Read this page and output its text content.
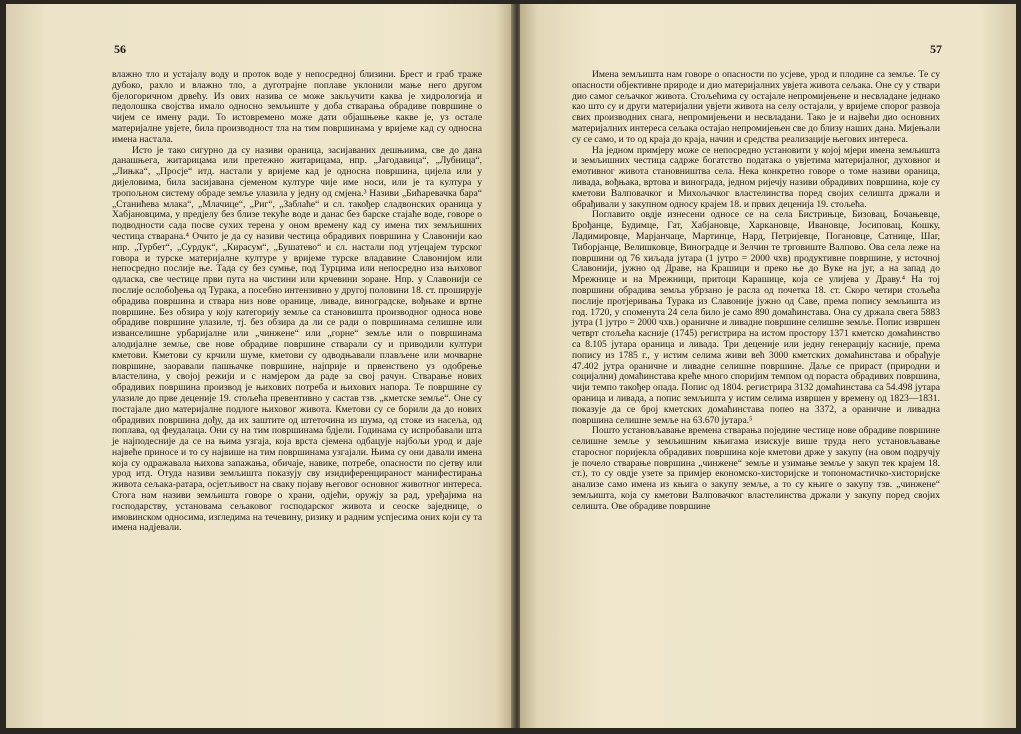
56

влажно тло и устајалу воду и проток воде у непосредној близини. Брест и граб траже дубоко, рахло и влажно тло, а дуготрајне поплаве уклонили мање него другом бјелогоричном дрвећу. Из ових назива се може закључити каква је хидрологија и педолошка својства имало односно земљиште у доба стварања обрадиве површине о чијем се имену ради. То истовремено може дати објашњење какве је, уз остале материјалне увјете, била производност тла на тим површинама у вријеме кад су односна имена настала.

Исто је тако сигурно да су називи ораница, засијаваних дешњиима, све до дана данашњега, житарицама или претежно житарицама, нпр. „Јагодавица“, „Лубница“, „Лињка“, „Просје“ итд. настали у вријеме кад је односна површина, цијела или у дијеловима, била засијавана сјеменом културе чије име носи, или је та култура у тропољном систему обраде земље улазила у једну од смјена.³ Називи „Бићаревачка бара“ „Станићева млака“, „Млачице“, „Риг“, „Заблаће“ и сл. такођер сладвонских ораница у Хабјановцима, у предјелу без близе текуће воде и данас без барске стајаће воде, говоре о подводности сада посве сухих терена у оном времену кад су имена тих земљишних честица стварана.⁴ Очито је да су називи честица обрадивих површина у Славонији као нпр. „Турбет“, „Сурдук“, „Кирасум“, „Бушатево“ и сл. настали под утјецајем турског говора и турске материјалне културе у вријеме турске владавине Славонијом или непосредно послије ње. Тада су без сумње, под Турцима или непосредно иза њиховог одласка, све честице први пута на чистини или крчевини зоране. Нпр. у Славонији се послије ослобођења од Турака, а посебно интензивно у другој половини 18. ст. проширује обрадива површина и ствара низ нове оранице, ливаде, виноградске, вођњаке и вртне површине. Без обзира у коју категорију земље са становишта производног односа нове обрадиве површине улазиле, тј. без обзира да ли се ради о површинама селишне или изванселишне урбаријалне или „чинжене“ или „горне“ земље или о површинама алодијалне земље, све нове обрадиве површине стварали су и приводили култури кметови. Кметови су крчили шуме, кметови су одводњавали плављене или мочварне површине, заоравали пашњачке површине, најприје и првенствено уз одобрење властелина, у својој режији и с намјером да раде за свој рачун. Стварање нових обрадивих површина производ је њихових потреба и њихових напора. Те површине су улазиле до прве деценије 19. стољећа превентивно у састав тзв. „кметске земље“. Оне су постајале дио материјалне подлоге њиховог живота. Кметови су се борили да до нових обрадивих површина дођу, да их заштите од штеточина из шума, од стоке из насеља, од поплава, од феудалаца. Они су на тим површинама бдјели. Годинама су испробавали шта је најподесније да се на њима узгаја, која врста сјемена одбацује најбољи урод и даје највеће приносе и то су највише на тим површинама узгајали. Њима су они давали имена која су одражавала њихова запажања, обичаје, навике, потребе, опасности по сјетву или урод итд. Отуда називи земљишта показују сву изидиференцираност манифестирања живота сељака-ратара, осјетљивост на сваку појаву његовог основног животног интереса. Стога нам називи земљишта говоре о храни, одјећи, оружју за рад, уређајима на господарству, установама сељаковог господарског живота и сеоске заједнице, о имовинском односима, изгледима на течевину, ризику и радним успјесима оних који су та имена надјевали.

57

Имена земљишта нам говоре о опасности по усјеве, урод и плодине са земље. Те су опасности објективне природе и дио материјалних увјета живота сељака. Оне су у ствари дио самог сељачког живота. Стољећима су остајале непромијењене и несвладане једнако као што су и други материјални увјети живота на селу остајали, у вријеме спорог развоја свих производних снага, непромијењени и несвладани. Тако је и највећи дио основних материјалних интереса сељака остајао непромијењен све до близу наших дана. Мијењали су се само, и то од краја до краја, начин и средства реализације његових интереса.

На једном примјеру може се непосредно установити у којој мјери имена земљишта и земљишних честица садрже богатство података о увјетима материјалног, духовног и емотивног живота становништва села. Нека конкретно говоре о томе називи ораница, ливада, вођњака, вртова и винограда, једном ријечју називи обрадивих површина, које су кметови Валповачког и Михољачког властелинства поред својих селишта држали и обрађивали у закупном односу крајем 18. и првих деценија 19. стољећа.

Поглавито овдје изнесени односе се на села Бистрињце, Бизовац, Бочањевце, Брођанце, Будимце, Гат, Хабјановце, Харкановце, Ивановце, Јосиповац, Кошку, Ладимировце, Марјанчаце, Мартинце, Нард, Петријевце, Погановце, Сатнице, Шаг, Тиборјанце, Велишковце, Виноградце и Зелчин те трговиште Валпово. Ова села леже на површини од 76 хиљада јутара (1 јутро = 2000 чхв) продуктивне површине, у источној Славонији, јужно од Драве, на Крашици и преко ње до Вуке на југ, а на запад до Мрежнице и на Мрежници, притоци Карашице, која се улијева у Драву.⁴ На тој површини обрадива земља убрзано је расла од почетка 18. ст. Скоро четири стољећа послије протјеривања Турака из Славоније јужно од Саве, према попису земљишта из год. 1720, у споменута 24 села било је само 890 домаћинстава. Она су држала свега 5883 јутра (1 јутро = 2000 чхв.) ораничне и ливадне површине селишне земље. Попис извршен четврт стољећа касније (1745) регистрира на истом простору 1371 кметско домаћинство са 8.105 јутара ораница и ливада. Три деценије или једну генерацију касније, према попису из 1785 г., у истим селима живи већ 3000 кметских домаћинстава и обрађује 47.402 јутра ораничне и ливадне селишне површине. Даље се прираст (природни и социјални) домаћинстава креће много споријим темпом од пораста обрадивих површина, чији темпо такођер опада. Попис од 1804. регистрира 3132 домаћинстава са 54.498 јутара ораница и ливада, а попис земљишта у истим селима извршен у времену од 1823—1831. показује да се број кметских домаћинстава попео на 3372, а ораничне и ливадна површина селишне земље на 63.670 јутара.⁵

Пошто установљавање времена стварања поједине честице нове обрадиве површине селишне земље у земљишним књигама изискује више труда него установљавање старосног поријекла обрадивих површина које кметови држе у закупу (на овом подручју је почело стварање површина „чинжене“ земље и узимање земље у закуп тек крајем 18. ст.), то су овдје узете за примјер економско-хисторијске и топономастичко-хисторијске анализе само имена из књига о закупу земље, а то су књиге о закупу тзв. „чинжене“ земљишта, која су кметови Валповачког властелинства држали у закупу поред својих селишта. Ове обрадиве површине
